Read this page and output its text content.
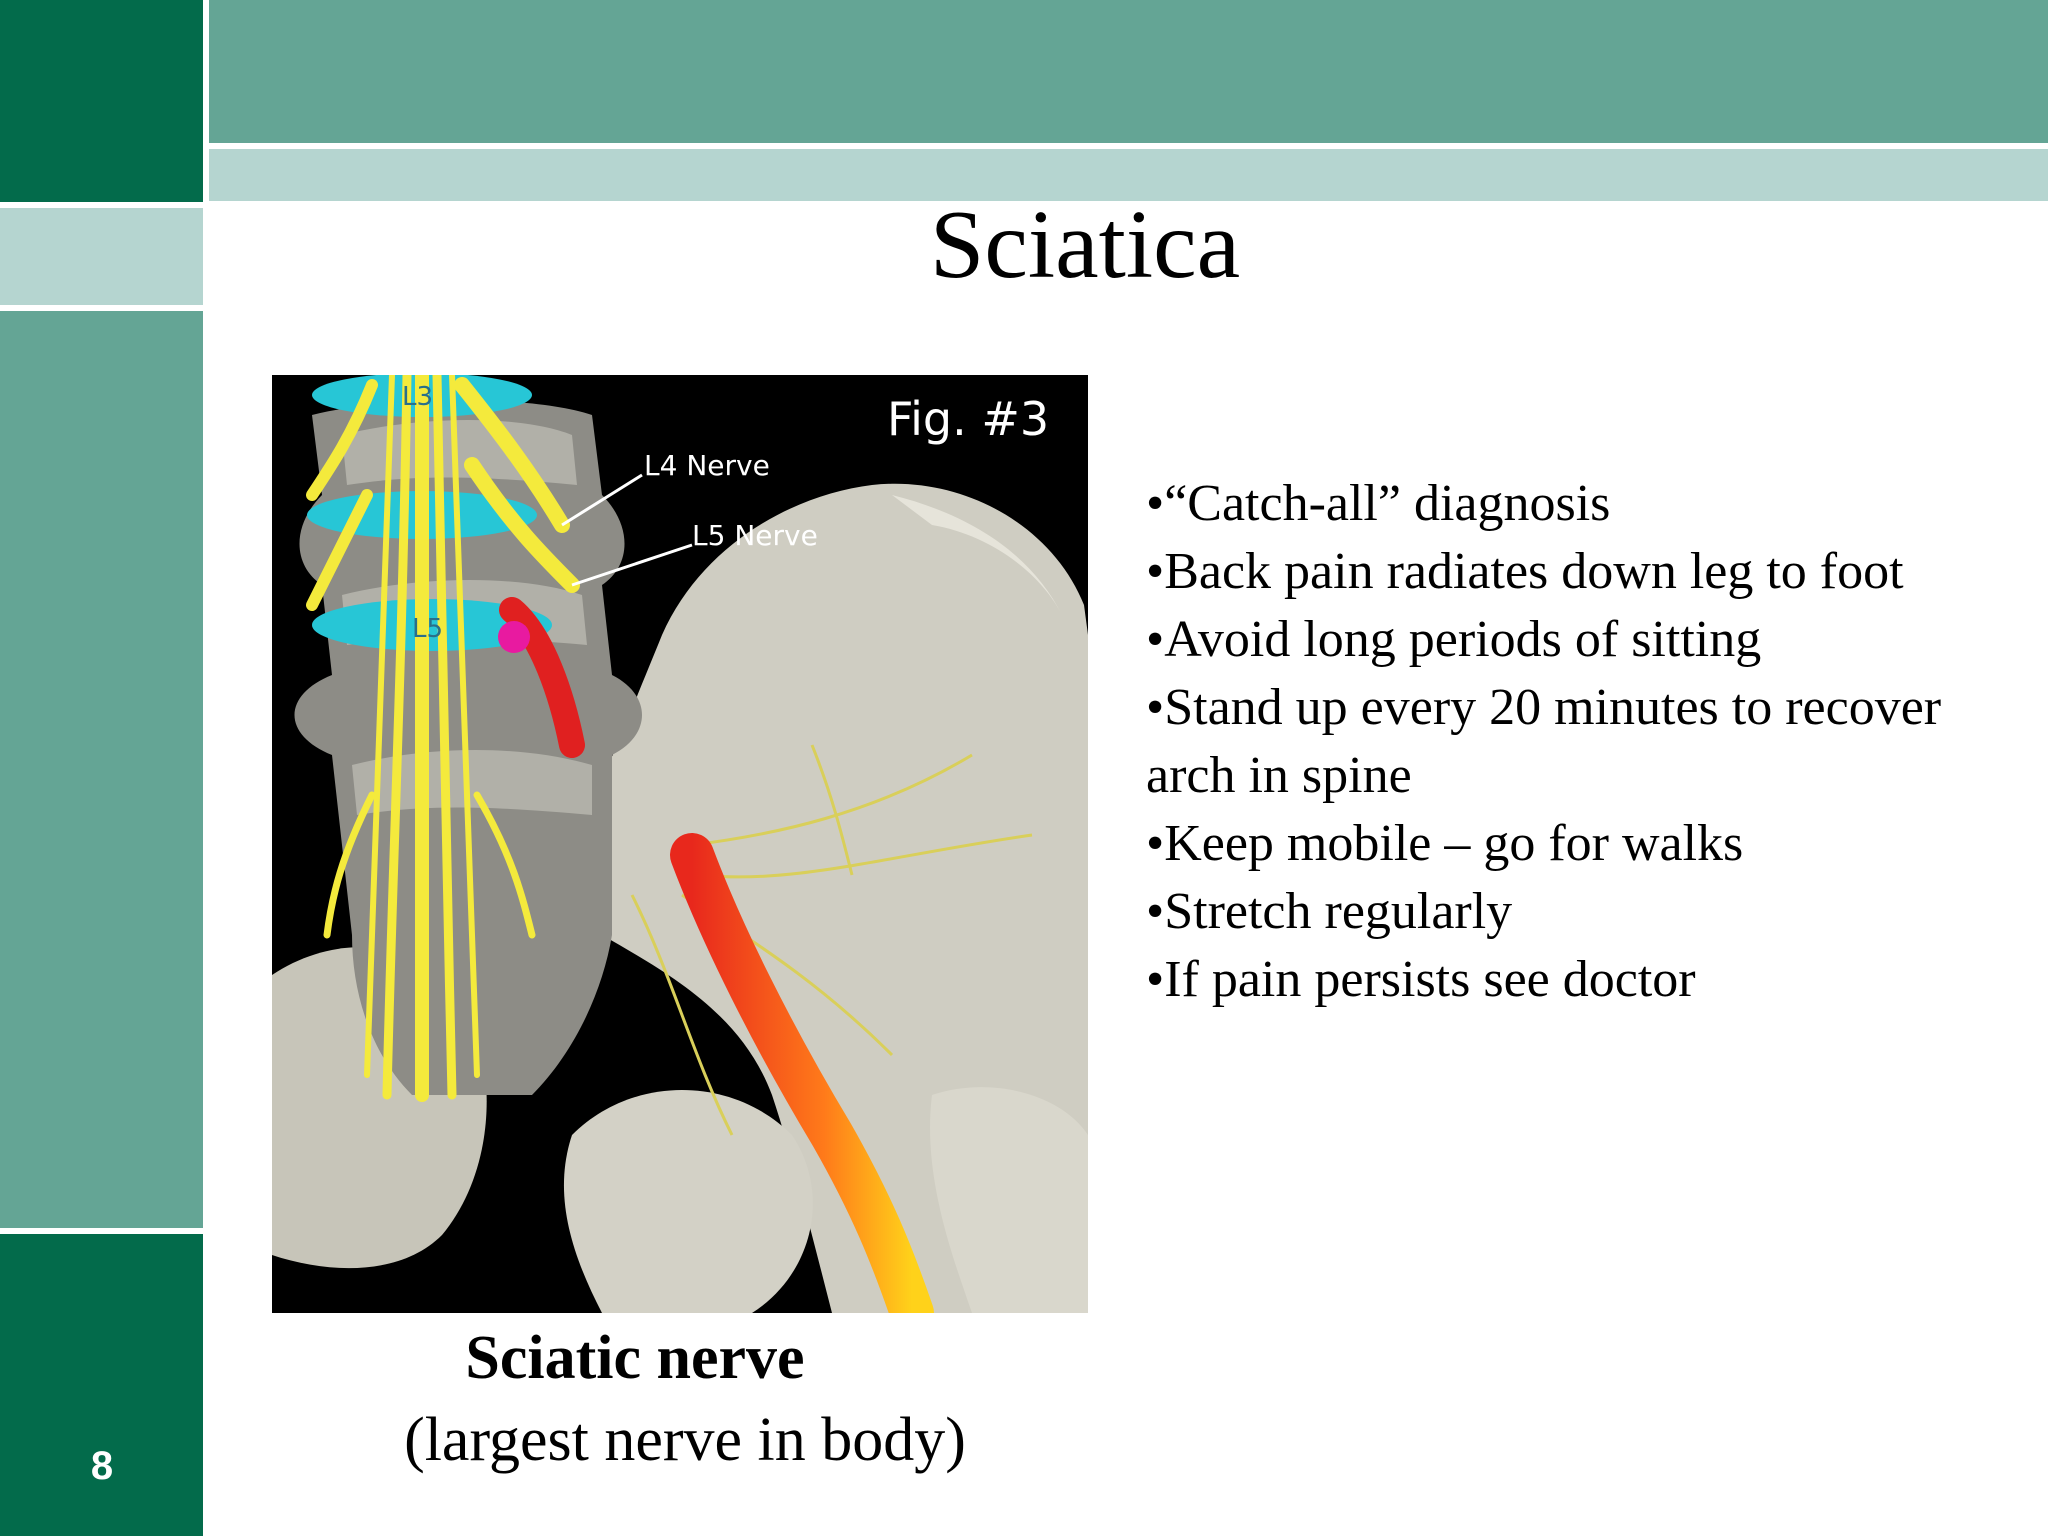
8
Sciatica
L3
L4 Nerve
L5 Nerve
L5
Fig. #3
Sciatic nerve
(largest nerve in body)
•“Catch-all” diagnosis
•Back pain radiates down leg to foot
•Avoid long periods of sitting
•Stand up every 20 minutes to recover arch in spine
•Keep mobile – go for walks
•Stretch regularly
•If pain persists see doctor
